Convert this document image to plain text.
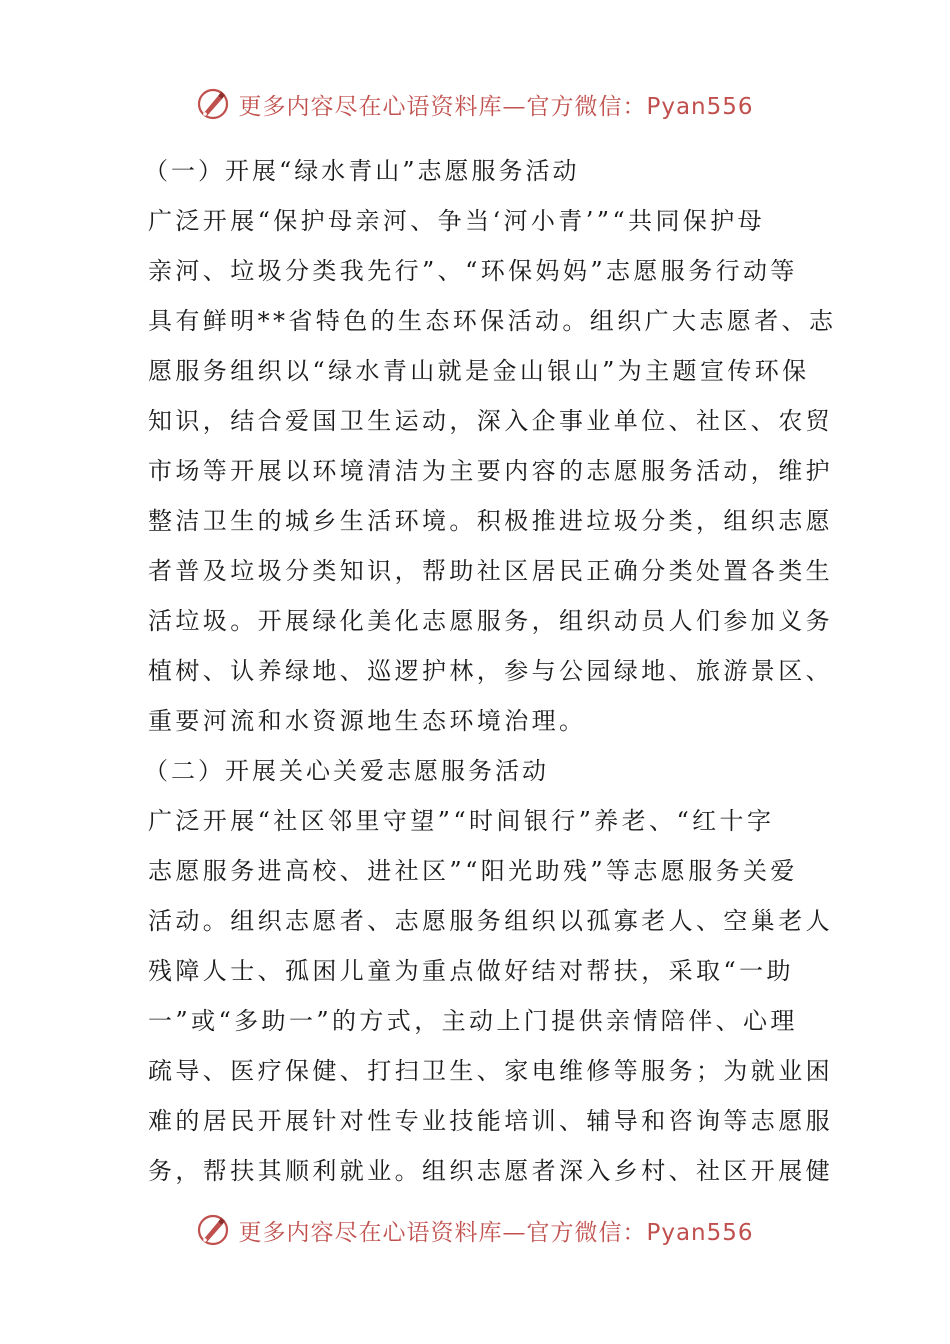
更多内容尽在心语资料库—官方微信：Pyan556
（一）开展“绿水青山”志愿服务活动
广泛开展“保护母亲河、争当‘河小青’”“共同保护母
亲河、垃圾分类我先行”、“环保妈妈”志愿服务行动等
具有鲜明**省特色的生态环保活动。组织广大志愿者、志
愿服务组织以“绿水青山就是金山银山”为主题宣传环保
知识，结合爱国卫生运动，深入企事业单位、社区、农贸
市场等开展以环境清洁为主要内容的志愿服务活动，维护
整洁卫生的城乡生活环境。积极推进垃圾分类，组织志愿
者普及垃圾分类知识，帮助社区居民正确分类处置各类生
活垃圾。开展绿化美化志愿服务，组织动员人们参加义务
植树、认养绿地、巡逻护林，参与公园绿地、旅游景区、
重要河流和水资源地生态环境治理。
（二）开展关心关爱志愿服务活动
广泛开展“社区邻里守望”“时间银行”养老、“红十字
志愿服务进高校、进社区”“阳光助残”等志愿服务关爱
活动。组织志愿者、志愿服务组织以孤寡老人、空巢老人
残障人士、孤困儿童为重点做好结对帮扶，采取“一助
一”或“多助一”的方式，主动上门提供亲情陪伴、心理
疏导、医疗保健、打扫卫生、家电维修等服务；为就业困
难的居民开展针对性专业技能培训、辅导和咨询等志愿服
务，帮扶其顺利就业。组织志愿者深入乡村、社区开展健
更多内容尽在心语资料库—官方微信：Pyan556
